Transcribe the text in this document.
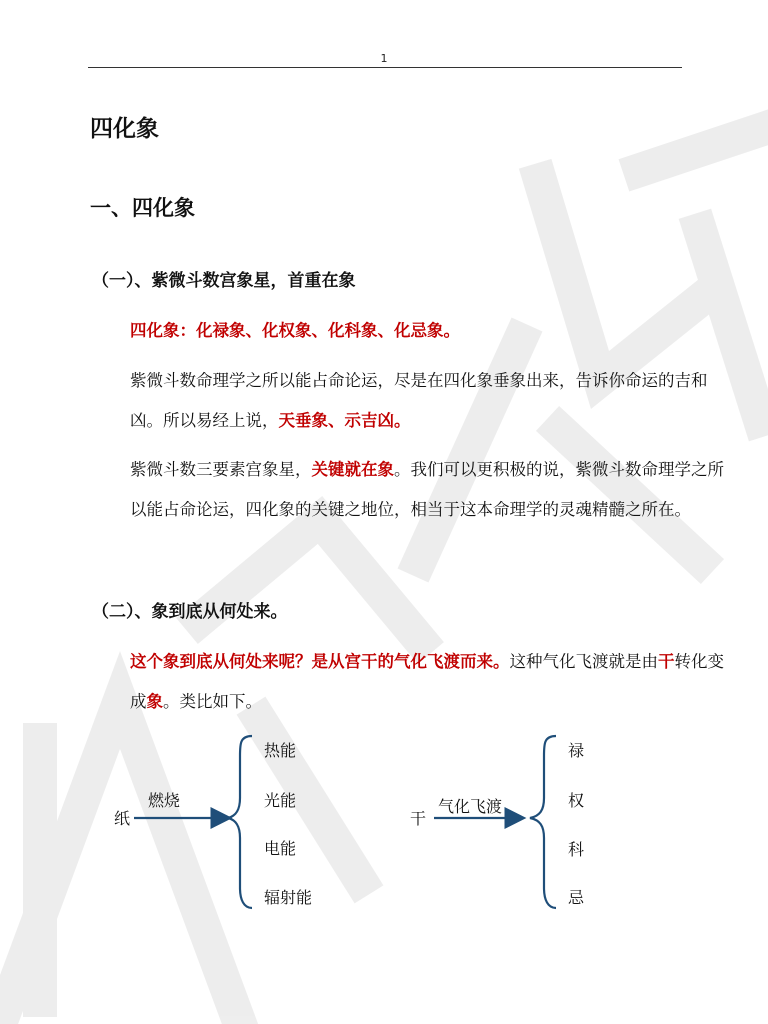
1
四化象
一、四化象
（一）、紫微斗数宫象星，首重在象
四化象：化禄象、化权象、化科象、化忌象。
紫微斗数命理学之所以能占命论运，尽是在四化象垂象出来，告诉你命运的吉和凶。所以易经上说，天垂象、示吉凶。
紫微斗数三要素宫象星，关键就在象。我们可以更积极的说，紫微斗数命理学之所以能占命论运，四化象的关键之地位，相当于这本命理学的灵魂精髓之所在。
（二）、象到底从何处来。
这个象到底从何处来呢？是从宫干的气化飞渡而来。这种气化飞渡就是由干转化变成象。类比如下。
纸
燃烧
热能
光能
电能
辐射能
干
气化飞渡
禄
权
科
忌
